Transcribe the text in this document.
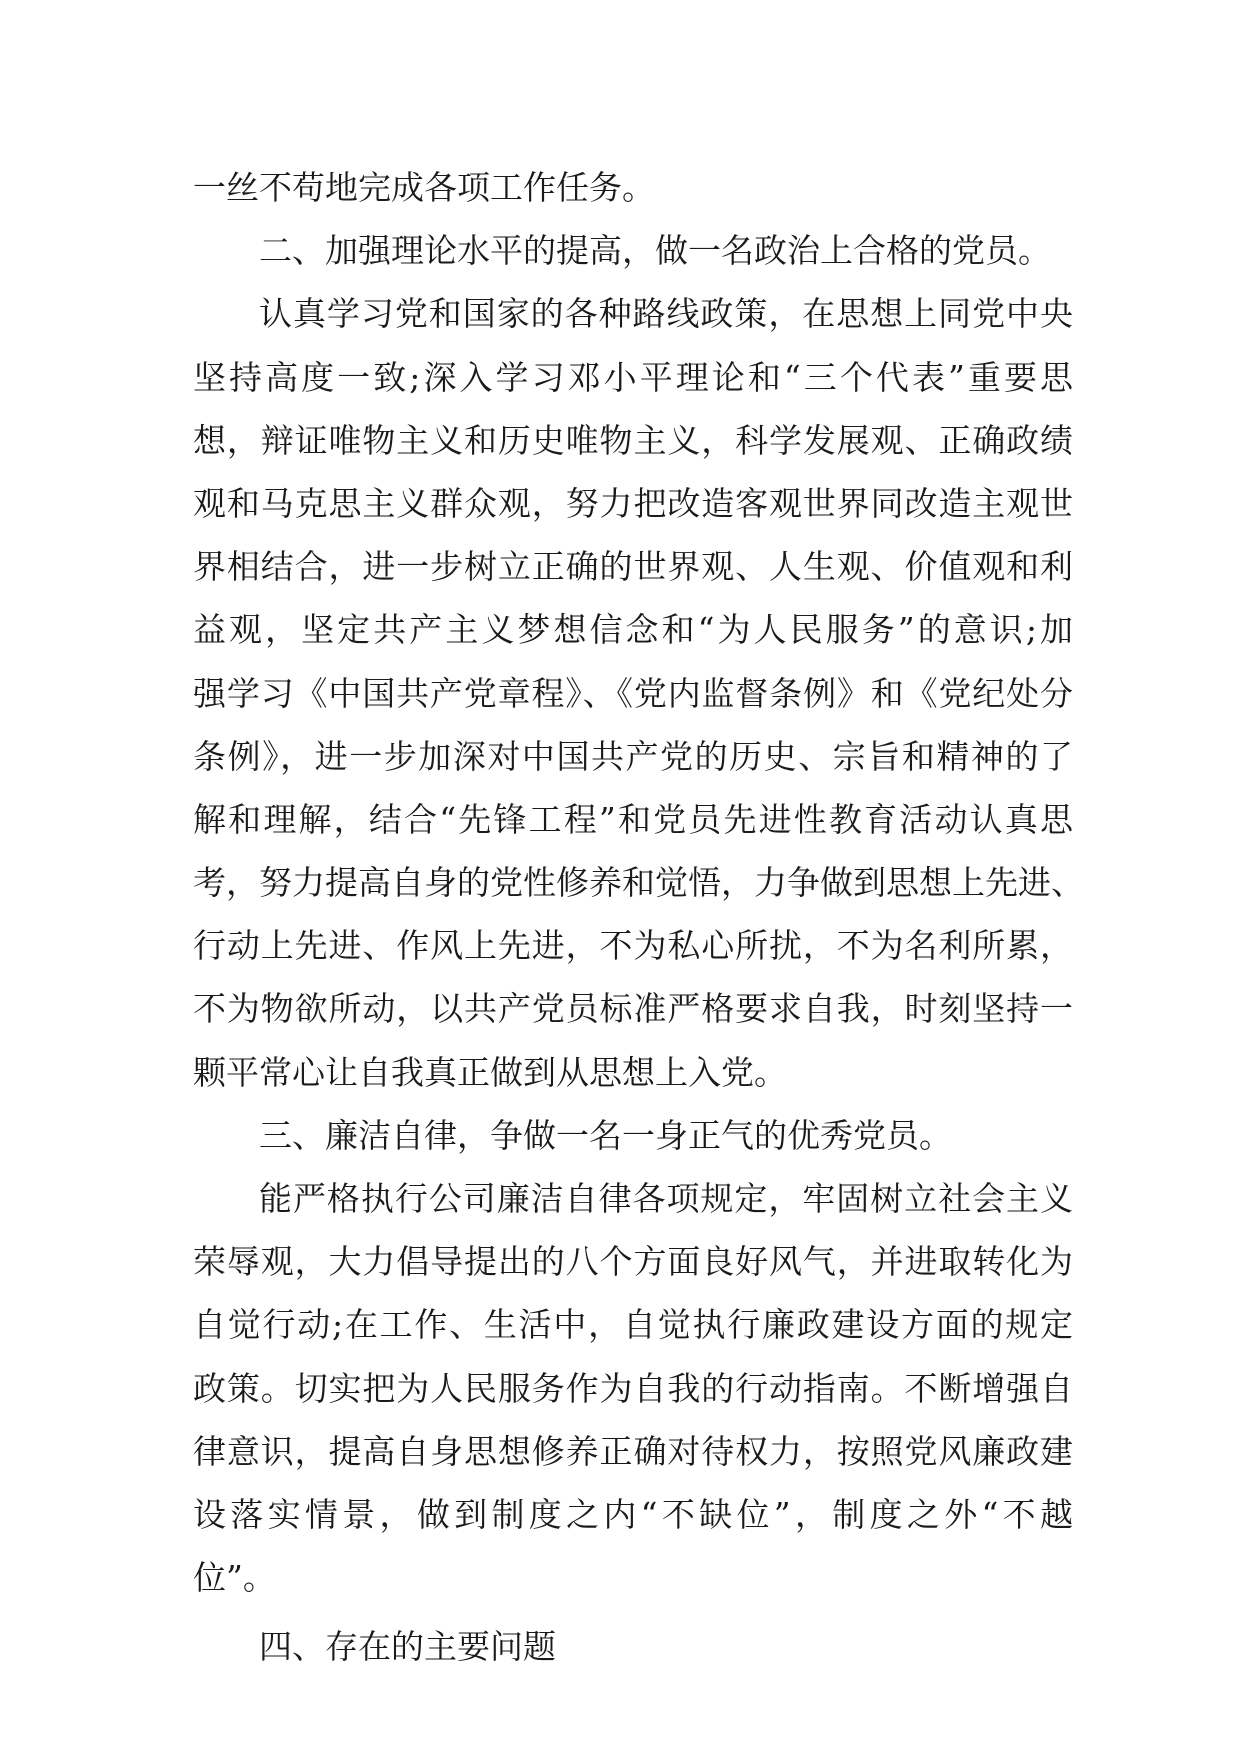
一丝不苟地完成各项工作任务。
二、加强理论水平的提高，做一名政治上合格的党员。
认真学习党和国家的各种路线政策，在思想上同党中央
坚持高度一致;深入学习邓小平理论和“三个代表”重要思
想，辩证唯物主义和历史唯物主义，科学发展观、正确政绩
观和马克思主义群众观，努力把改造客观世界同改造主观世
界相结合，进一步树立正确的世界观、人生观、价值观和利
益观，坚定共产主义梦想信念和“为人民服务”的意识;加
强学习《中国共产党章程》、《党内监督条例》和《党纪处分
条例》，进一步加深对中国共产党的历史、宗旨和精神的了
解和理解，结合“先锋工程”和党员先进性教育活动认真思
考，努力提高自身的党性修养和觉悟，力争做到思想上先进、
行动上先进、作风上先进，不为私心所扰，不为名利所累，
不为物欲所动，以共产党员标准严格要求自我，时刻坚持一
颗平常心让自我真正做到从思想上入党。
三、廉洁自律，争做一名一身正气的优秀党员。
能严格执行公司廉洁自律各项规定，牢固树立社会主义
荣辱观，大力倡导提出的八个方面良好风气，并进取转化为
自觉行动;在工作、生活中，自觉执行廉政建设方面的规定
政策。切实把为人民服务作为自我的行动指南。不断增强自
律意识，提高自身思想修养正确对待权力，按照党风廉政建
设落实情景，做到制度之内“不缺位”，制度之外“不越
位”。
四、存在的主要问题
